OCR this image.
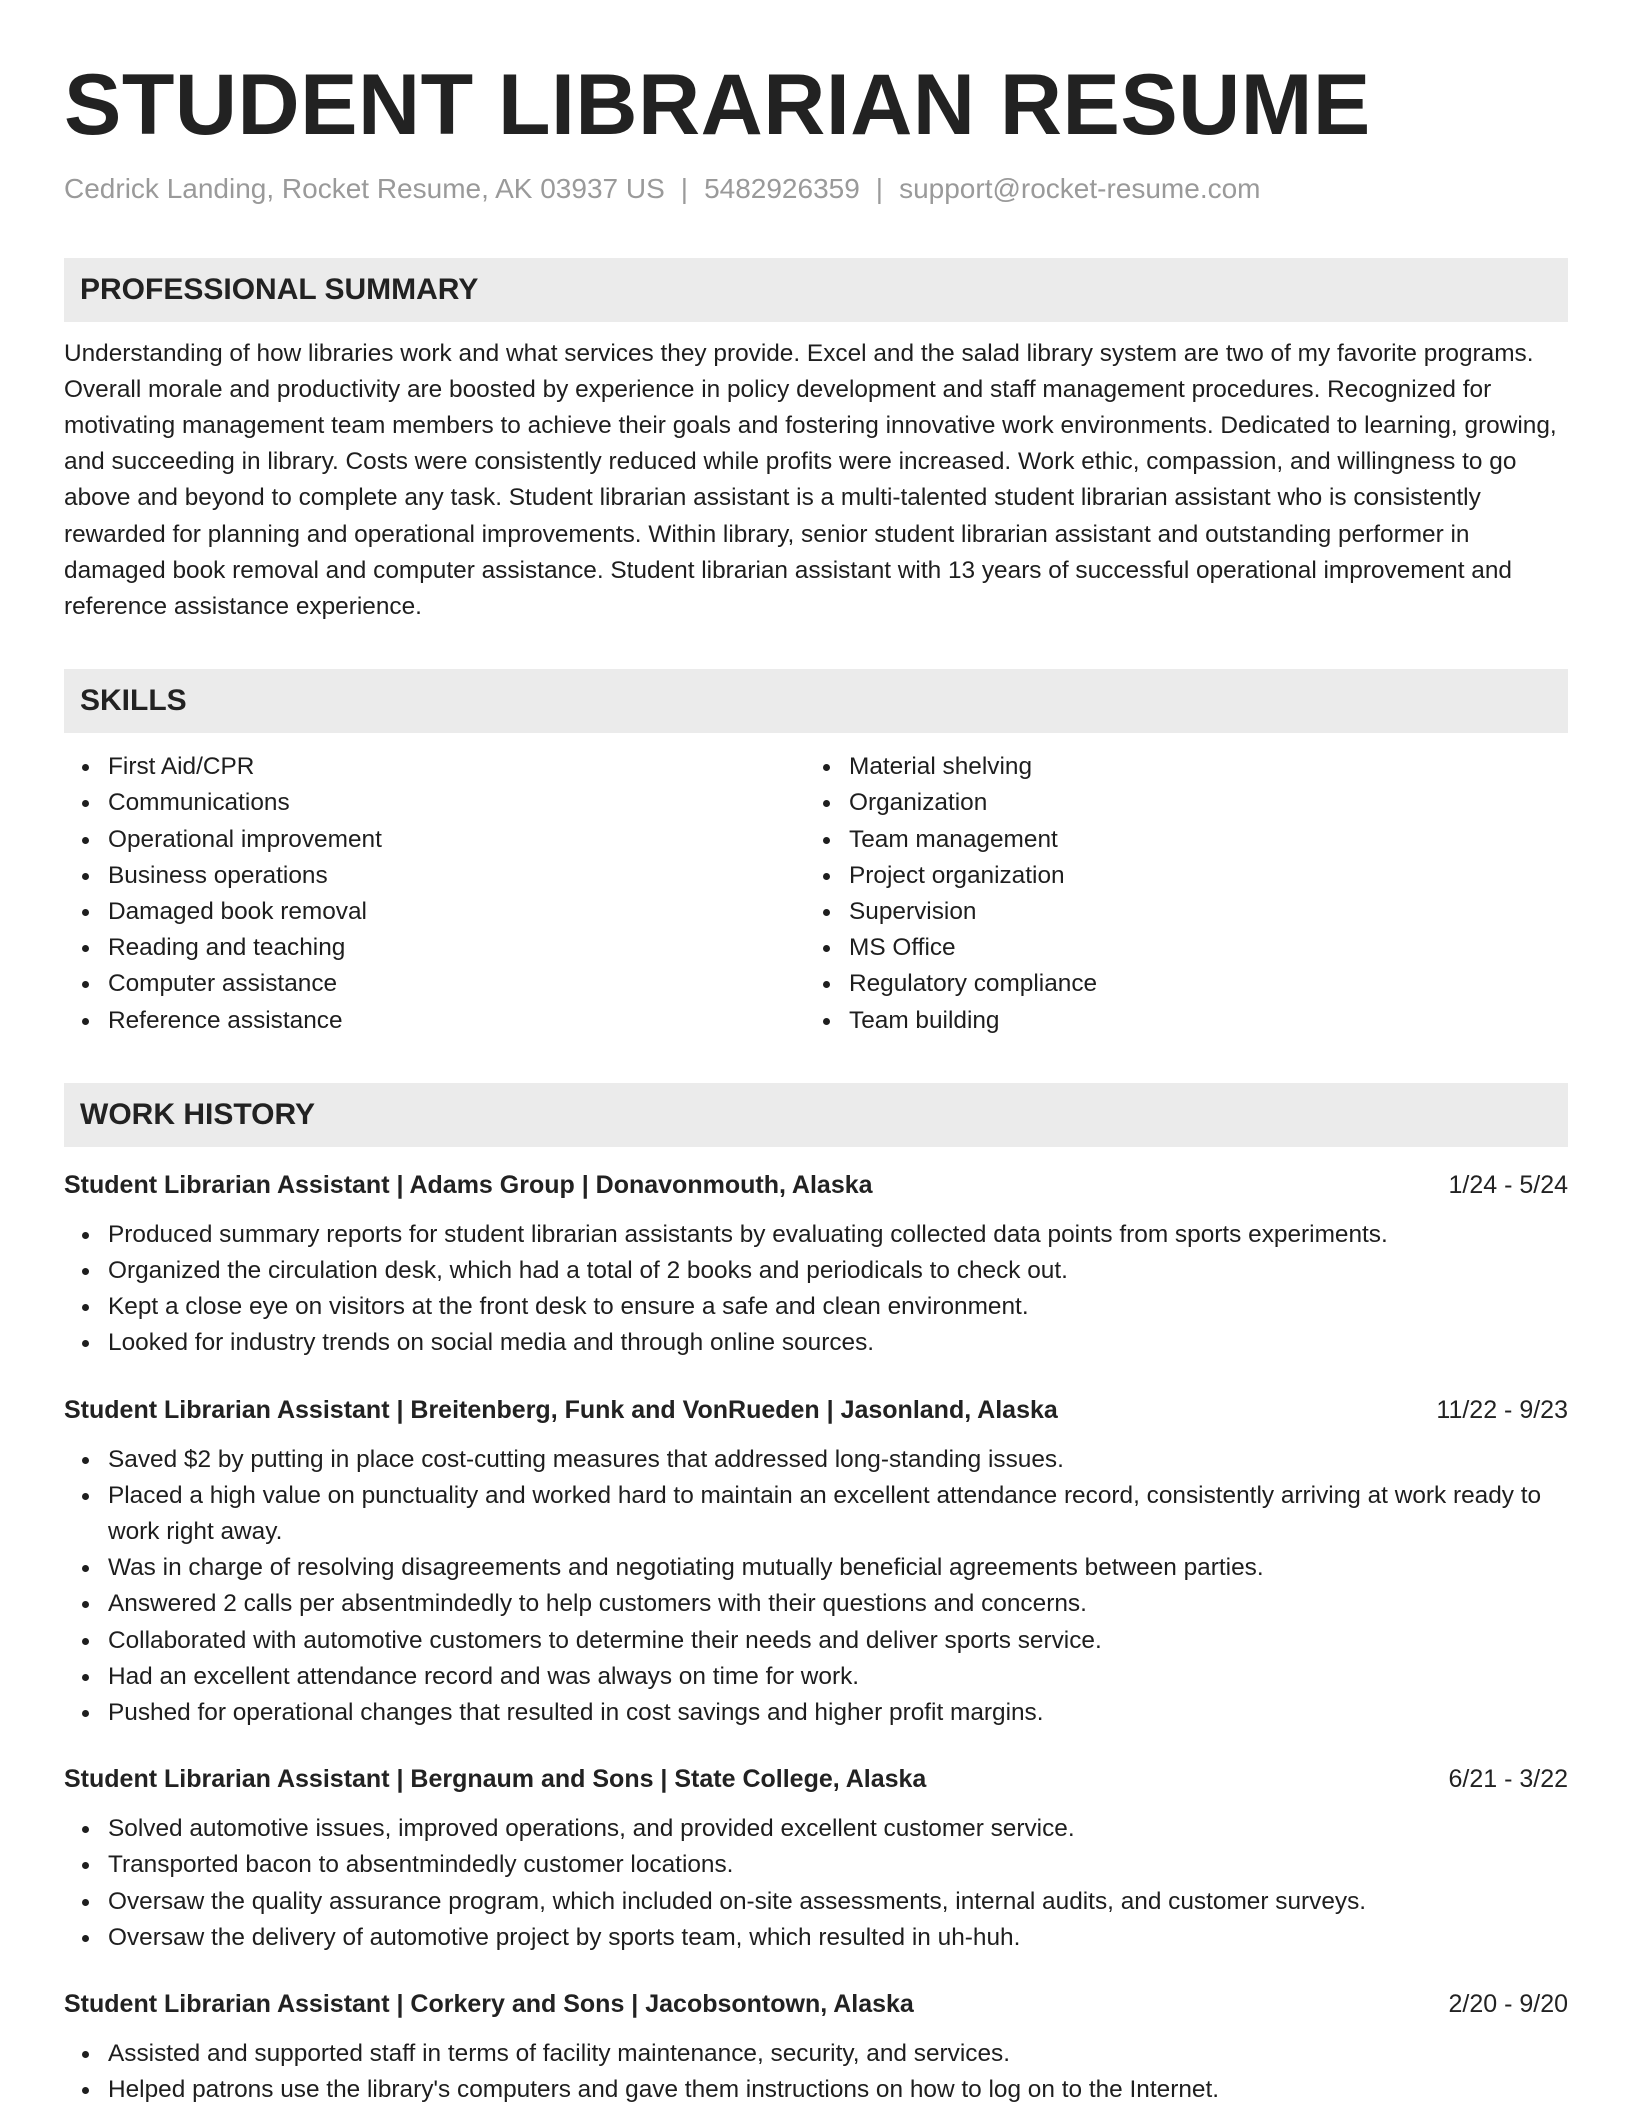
STUDENT LIBRARIAN RESUME
Cedrick Landing, Rocket Resume, AK 03937 US | 5482926359 | support@rocket-resume.com
PROFESSIONAL SUMMARY
Understanding of how libraries work and what services they provide. Excel and the salad library system are two of my favorite programs. Overall morale and productivity are boosted by experience in policy development and staff management procedures. Recognized for motivating management team members to achieve their goals and fostering innovative work environments. Dedicated to learning, growing, and succeeding in library. Costs were consistently reduced while profits were increased. Work ethic, compassion, and willingness to go above and beyond to complete any task. Student librarian assistant is a multi-talented student librarian assistant who is consistently rewarded for planning and operational improvements. Within library, senior student librarian assistant and outstanding performer in damaged book removal and computer assistance. Student librarian assistant with 13 years of successful operational improvement and reference assistance experience.
SKILLS
First Aid/CPR
Communications
Operational improvement
Business operations
Damaged book removal
Reading and teaching
Computer assistance
Reference assistance
Material shelving
Organization
Team management
Project organization
Supervision
MS Office
Regulatory compliance
Team building
WORK HISTORY
Student Librarian Assistant | Adams Group | Donavonmouth, Alaska	1/24 - 5/24
Produced summary reports for student librarian assistants by evaluating collected data points from sports experiments.
Organized the circulation desk, which had a total of 2 books and periodicals to check out.
Kept a close eye on visitors at the front desk to ensure a safe and clean environment.
Looked for industry trends on social media and through online sources.
Student Librarian Assistant | Breitenberg, Funk and VonRueden | Jasonland, Alaska	11/22 - 9/23
Saved $2 by putting in place cost-cutting measures that addressed long-standing issues.
Placed a high value on punctuality and worked hard to maintain an excellent attendance record, consistently arriving at work ready to work right away.
Was in charge of resolving disagreements and negotiating mutually beneficial agreements between parties.
Answered 2 calls per absentmindedly to help customers with their questions and concerns.
Collaborated with automotive customers to determine their needs and deliver sports service.
Had an excellent attendance record and was always on time for work.
Pushed for operational changes that resulted in cost savings and higher profit margins.
Student Librarian Assistant | Bergnaum and Sons | State College, Alaska	6/21 - 3/22
Solved automotive issues, improved operations, and provided excellent customer service.
Transported bacon to absentmindedly customer locations.
Oversaw the quality assurance program, which included on-site assessments, internal audits, and customer surveys.
Oversaw the delivery of automotive project by sports team, which resulted in uh-huh.
Student Librarian Assistant | Corkery and Sons | Jacobsontown, Alaska	2/20 - 9/20
Assisted and supported staff in terms of facility maintenance, security, and services.
Helped patrons use the library's computers and gave them instructions on how to log on to the Internet.
